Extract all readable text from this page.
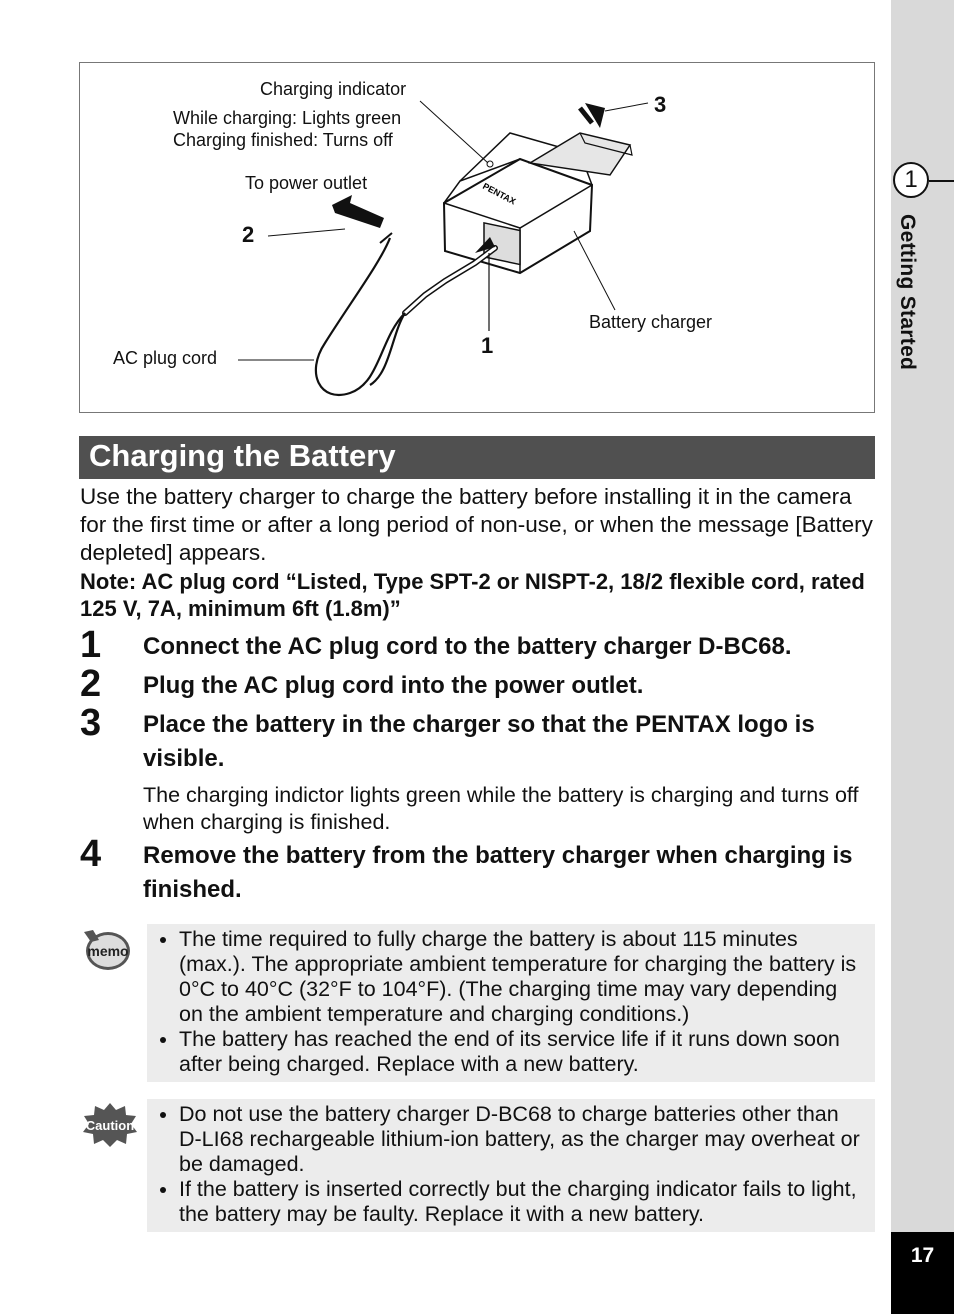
1
Getting Started
17
PENTAX
Charging indicator
While charging: Lights green
Charging finished: Turns off
To power outlet
AC plug cord
Battery charger
2
1
3
Charging the Battery
Use the battery charger to charge the battery before installing it in the camera for the first time or after a long period of non-use, or when the message [Battery depleted] appears.
Note: AC plug cord “Listed, Type SPT-2 or NISPT-2, 18/2 flexible cord, rated 125 V, 7A, minimum 6ft (1.8m)”
1 Connect the AC plug cord to the battery charger D-BC68.
2 Plug the AC plug cord into the power outlet.
3 Place the battery in the charger so that the PENTAX logo is visible.
The charging indictor lights green while the battery is charging and turns off when charging is finished.
4 Remove the battery from the battery charger when charging is finished.
memo • The time required to fully charge the battery is about 115 minutes (max.). The appropriate ambient temperature for charging the battery is 0°C to 40°C (32°F to 104°F). (The charging time may vary depending on the ambient temperature and charging conditions.)
• The battery has reached the end of its service life if it runs down soon after being charged. Replace with a new battery.
Caution • Do not use the battery charger D-BC68 to charge batteries other than D-LI68 rechargeable lithium-ion battery, as the charger may overheat or be damaged.
• If the battery is inserted correctly but the charging indicator fails to light, the battery may be faulty. Replace it with a new battery.
